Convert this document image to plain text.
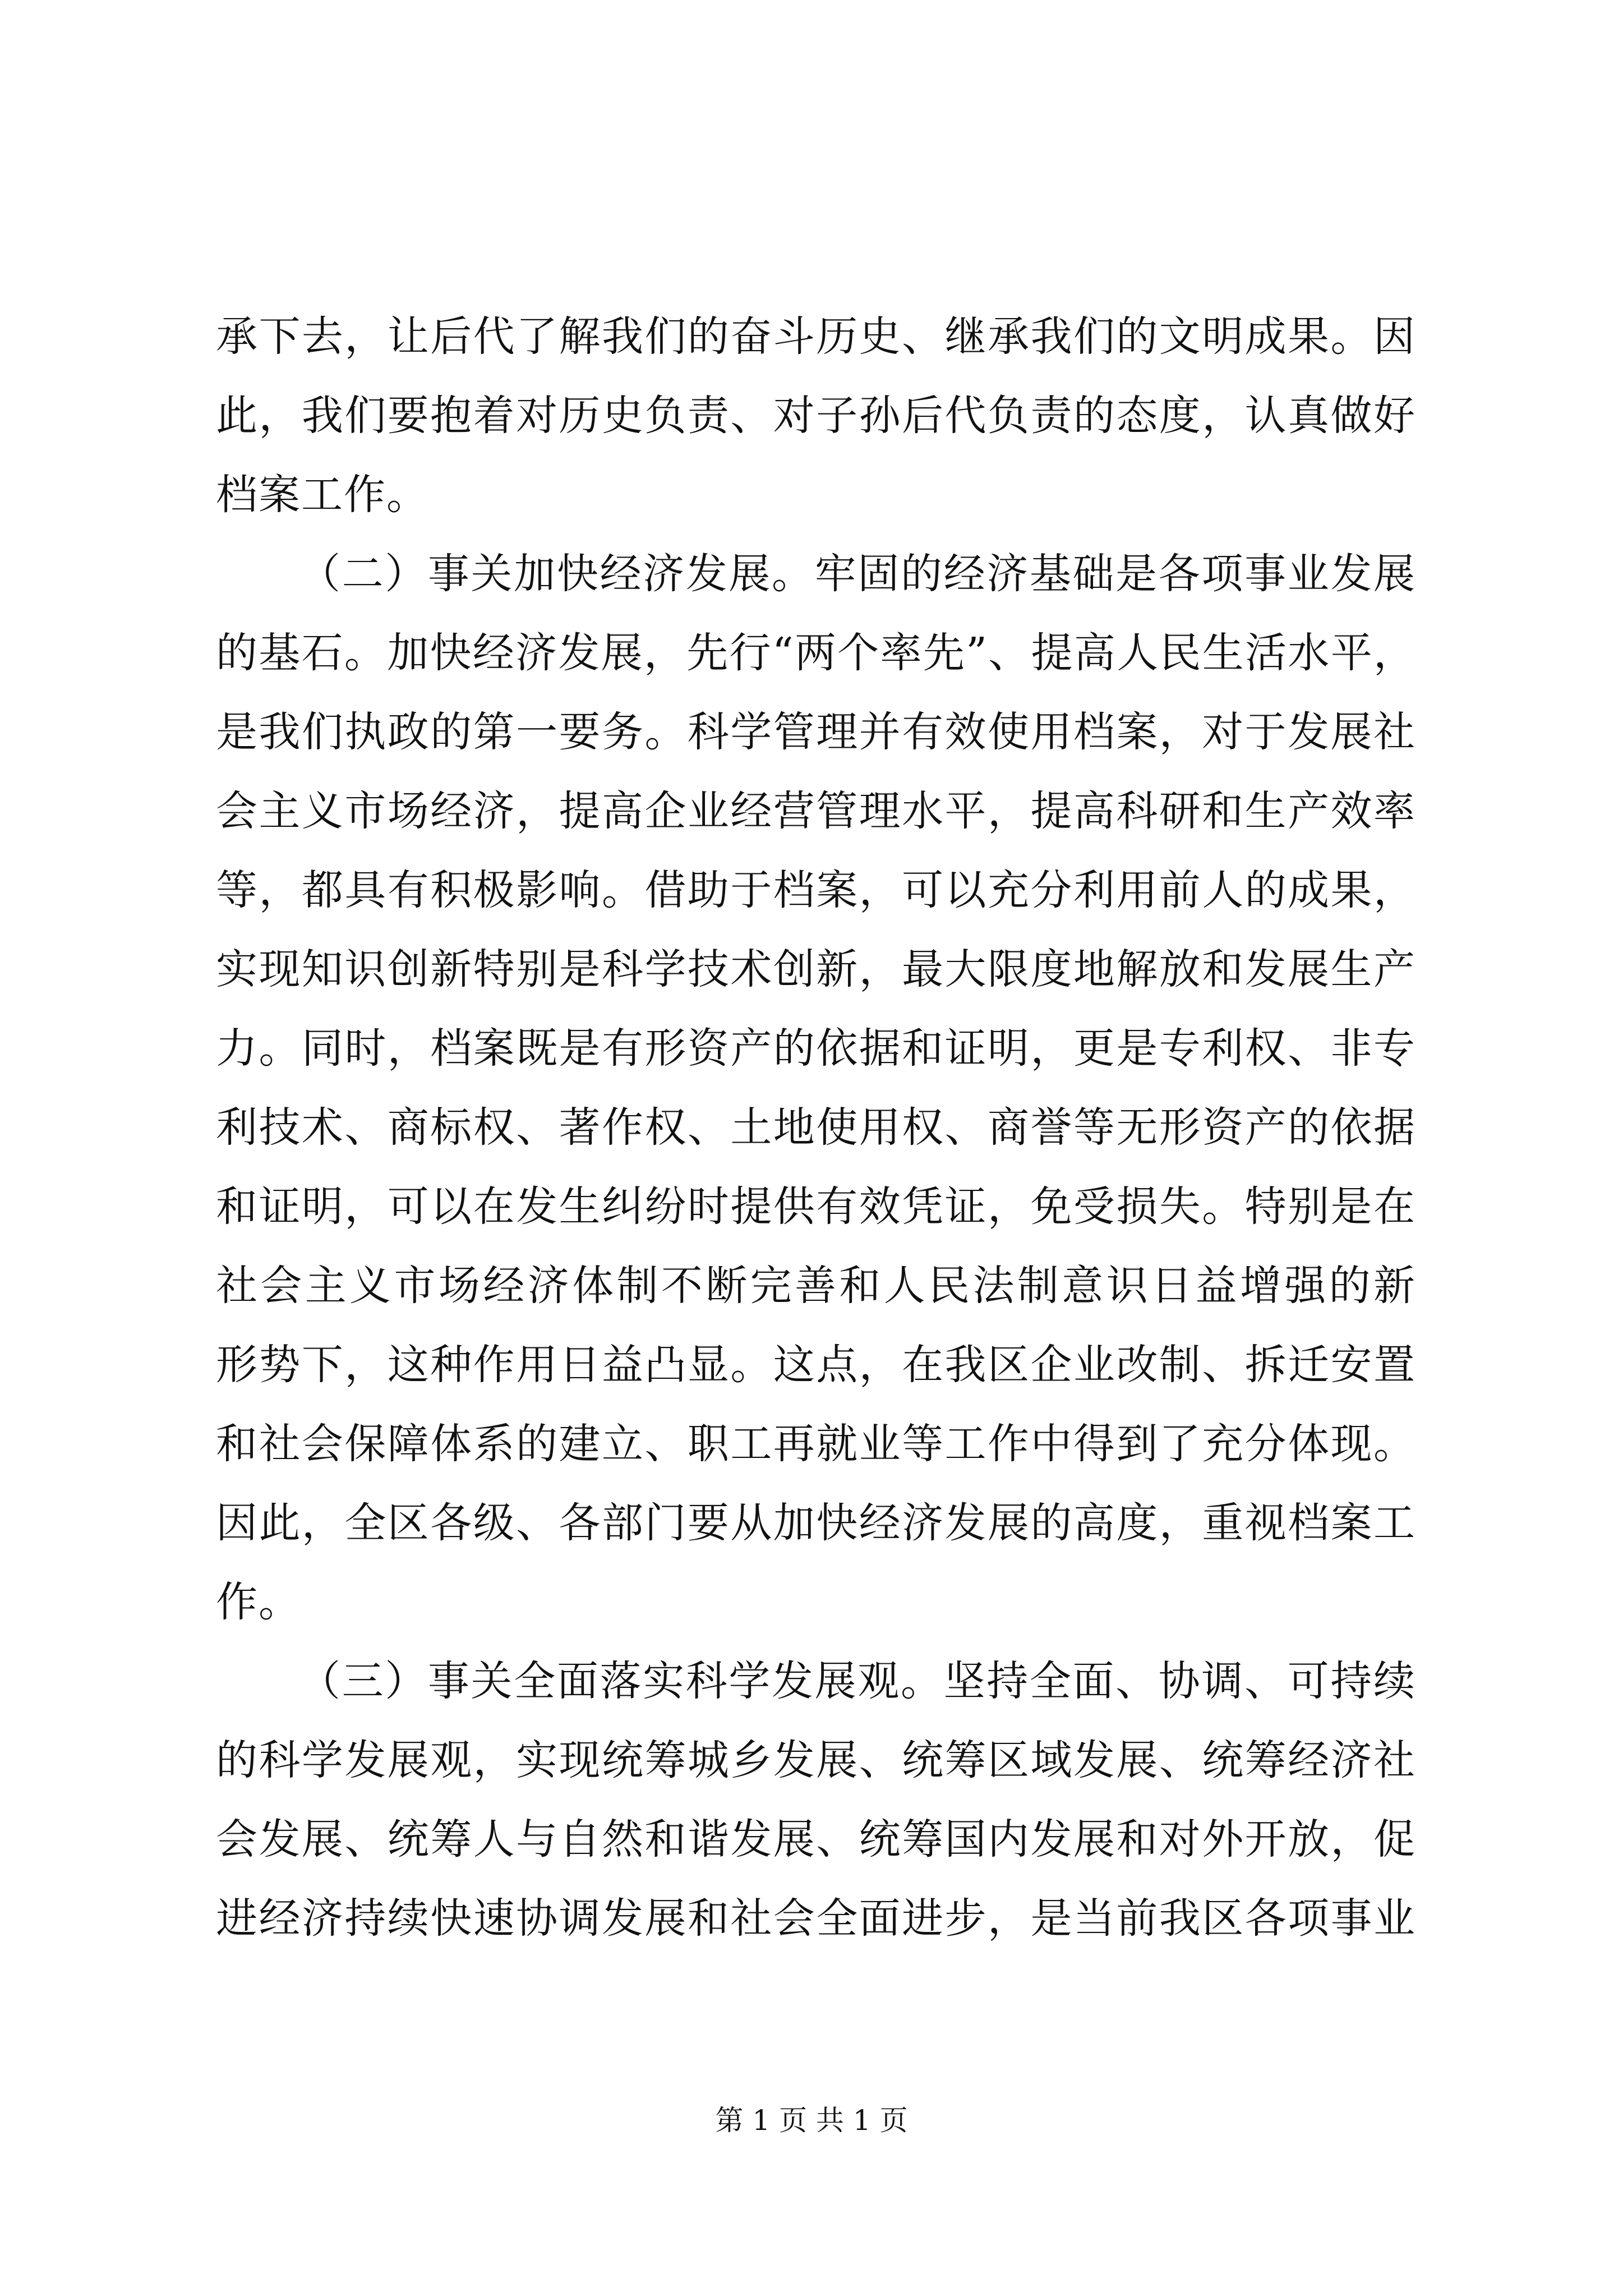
承下去，让后代了解我们的奋斗历史、继承我们的文明成果。因
此，我们要抱着对历史负责、对子孙后代负责的态度，认真做好
档案工作。
（二）事关加快经济发展。牢固的经济基础是各项事业发展
的基石。加快经济发展，先行“两个率先”、提高人民生活水平，
是我们执政的第一要务。科学管理并有效使用档案，对于发展社
会主义市场经济，提高企业经营管理水平，提高科研和生产效率
等，都具有积极影响。借助于档案，可以充分利用前人的成果，
实现知识创新特别是科学技术创新，最大限度地解放和发展生产
力。同时，档案既是有形资产的依据和证明，更是专利权、非专
利技术、商标权、著作权、土地使用权、商誉等无形资产的依据
和证明，可以在发生纠纷时提供有效凭证，免受损失。特别是在
社会主义市场经济体制不断完善和人民法制意识日益增强的新
形势下，这种作用日益凸显。这点，在我区企业改制、拆迁安置
和社会保障体系的建立、职工再就业等工作中得到了充分体现。
因此，全区各级、各部门要从加快经济发展的高度，重视档案工
作。
（三）事关全面落实科学发展观。坚持全面、协调、可持续
的科学发展观，实现统筹城乡发展、统筹区域发展、统筹经济社
会发展、统筹人与自然和谐发展、统筹国内发展和对外开放，促
进经济持续快速协调发展和社会全面进步，是当前我区各项事业
第 1 页 共 1 页
